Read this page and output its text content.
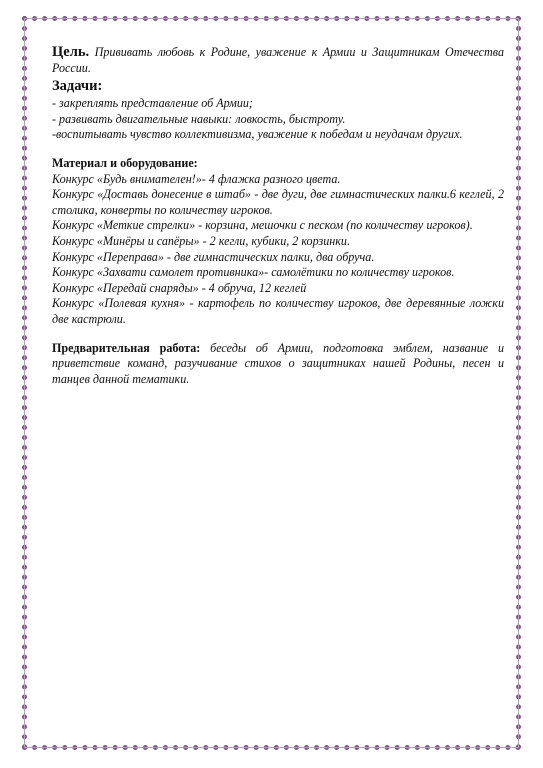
Цель. Прививать любовь к Родине, уважение к Армии и Защитникам Отечества России.

Задачи:
- закреплять представление об Армии;
- развивать двигательные навыки: ловкость, быстроту.
-воспитывать чувство коллективизма, уважение к победам и неудачам других.
Материал и оборудование:
Конкурс «Будь внимателен!»- 4 флажка разного цвета.
Конкурс «Доставь донесение в штаб» - две дуги, две гимнастических палки.6 кеглей, 2 столика, конверты по количеству игроков.
Конкурс «Меткие стрелки» - корзина, мешочки с песком (по количеству игроков).
Конкурс «Минёры и сапёры» - 2 кегли, кубики, 2 корзинки.
Конкурс «Переправа» - две гимнастических палки, два обруча.
Конкурс «Захвати самолет противника»- самолётики по количеству игроков.
Конкурс «Передай снаряды» - 4 обруча, 12 кеглей
Конкурс «Полевая кухня» - картофель по количеству игроков, две деревянные ложки две кастрюли.

Предварительная работа: беседы об Армии, подготовка эмблем, название и приветствие команд, разучивание стихов о защитниках нашей Родины, песен и танцев данной тематики.
